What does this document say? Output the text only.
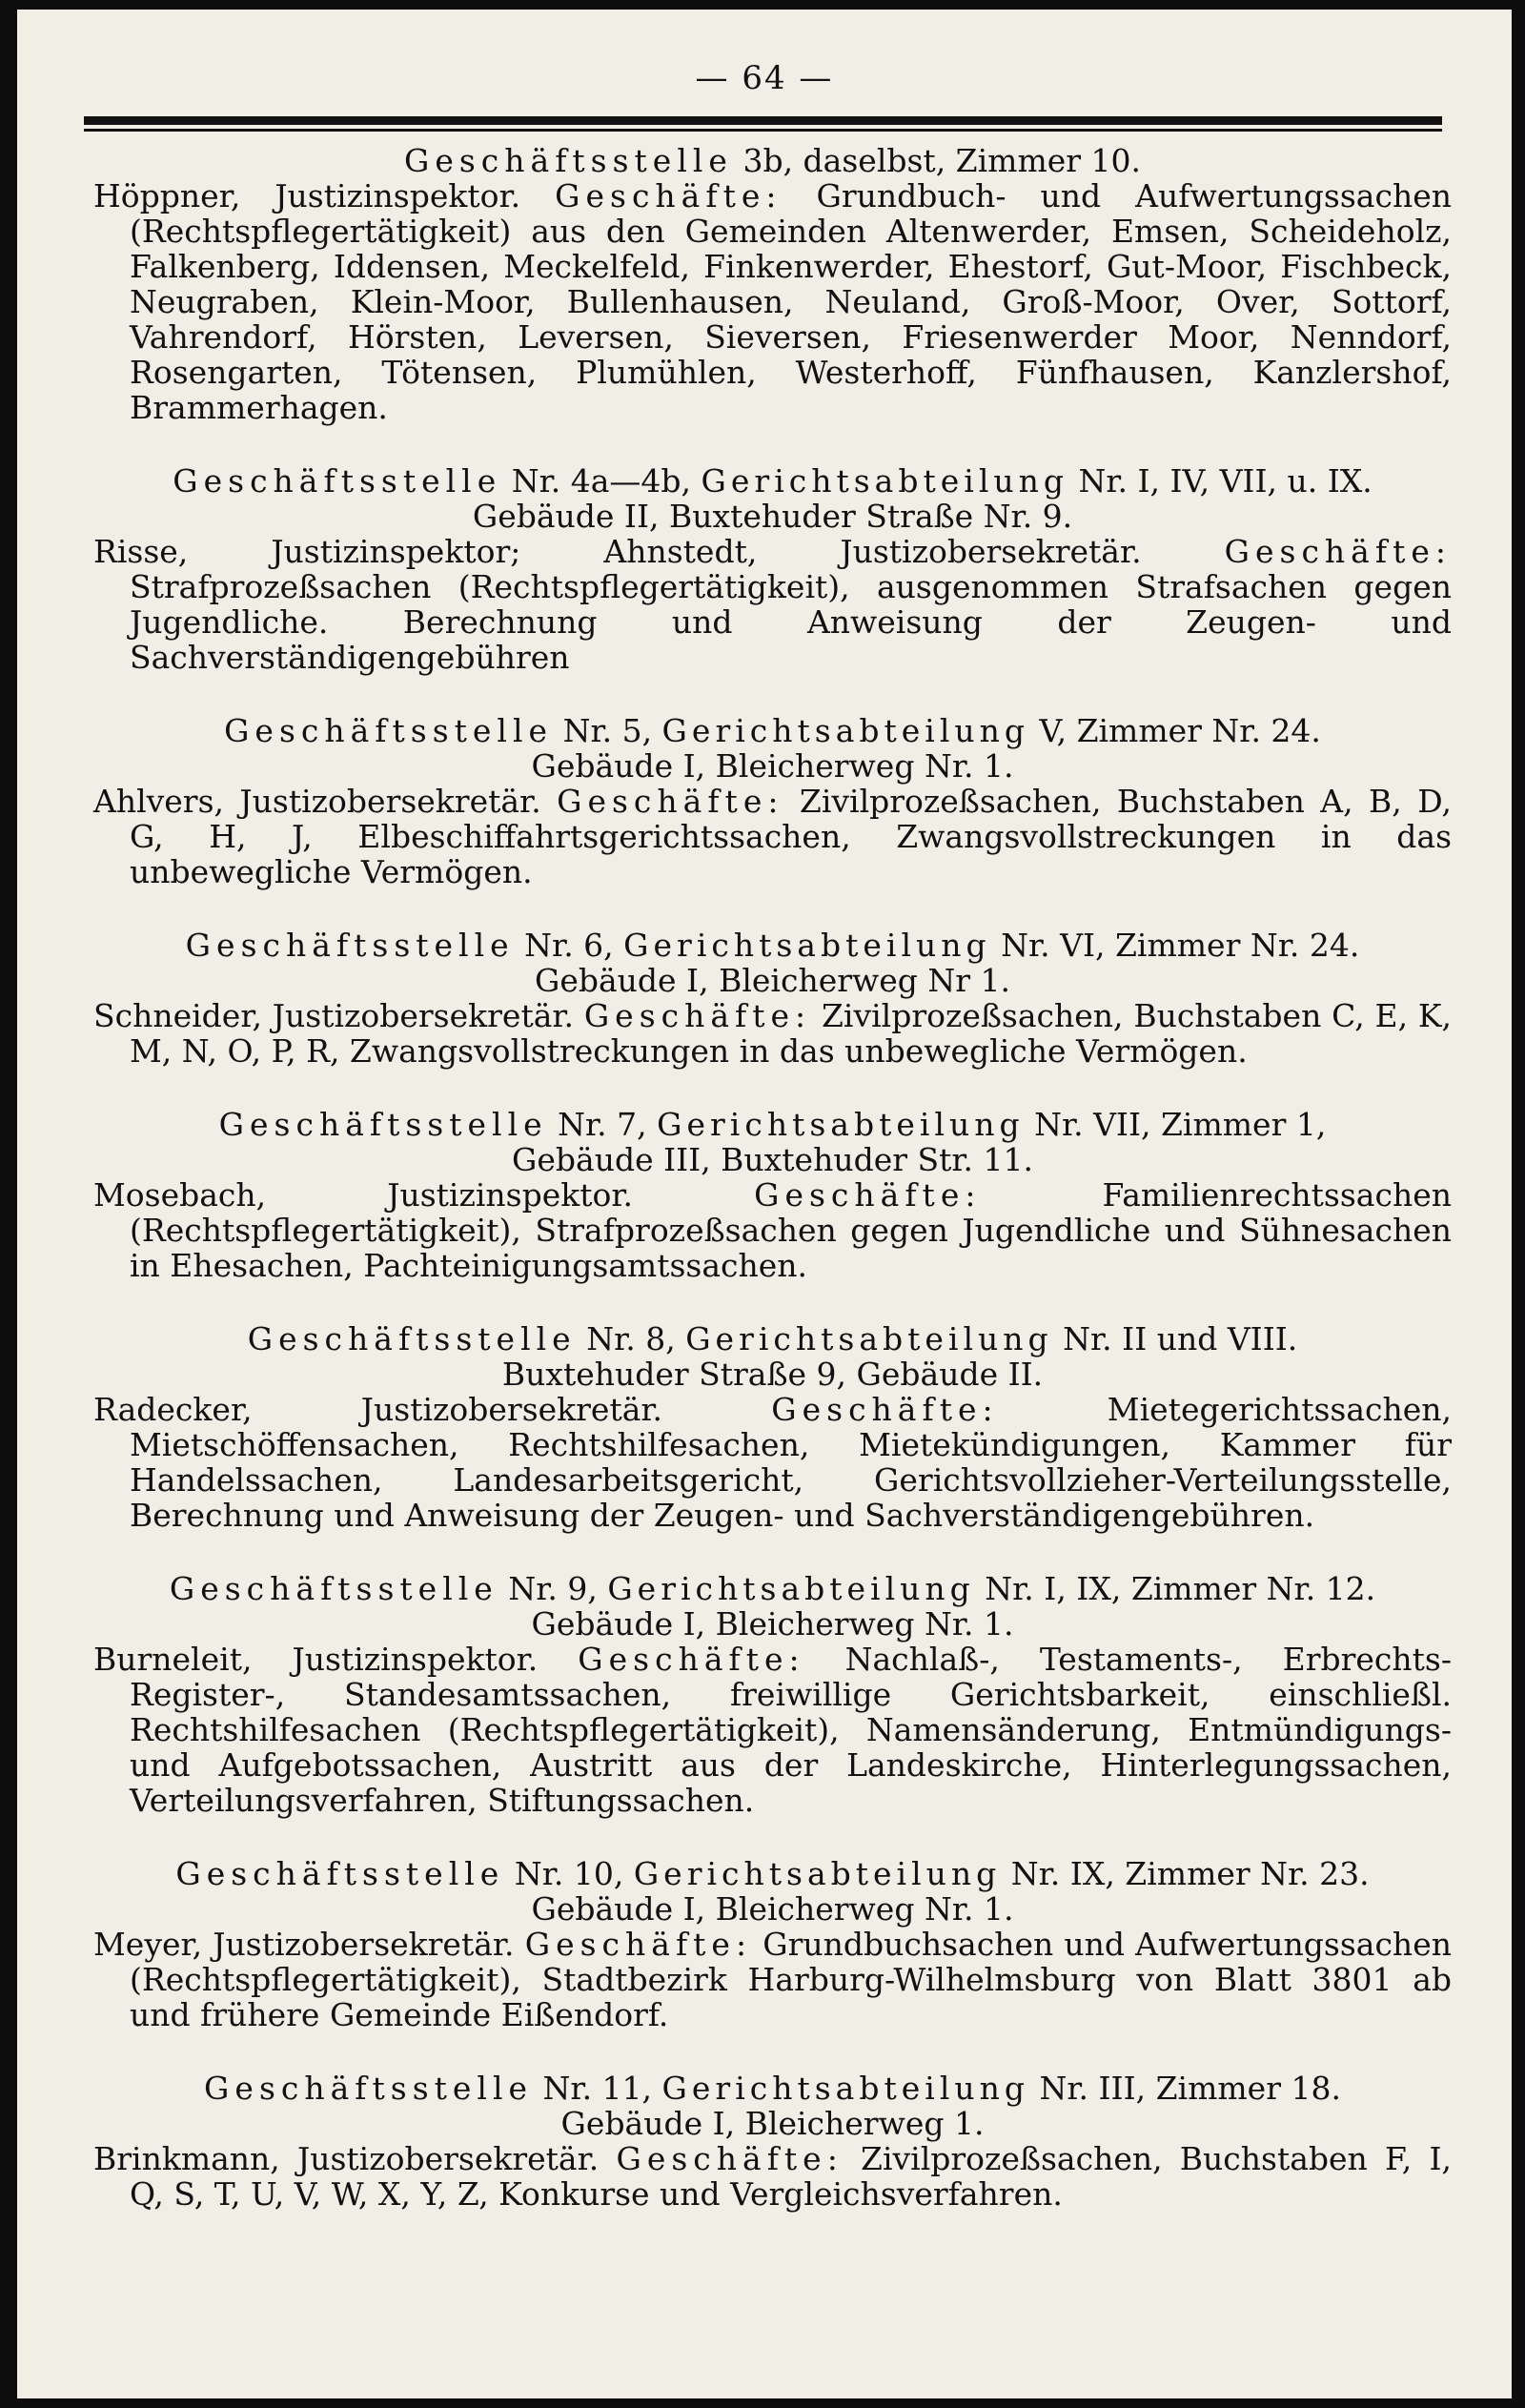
— 64 —
Geschäftsstelle 3b, daselbst, Zimmer 10.
Höppner, Justizinspektor. Geschäfte: Grundbuch- und Aufwertungssachen (Rechtspflegertätigkeit) aus den Gemeinden Altenwerder, Emsen, Scheideholz, Falkenberg, Iddensen, Meckelfeld, Finkenwerder, Ehestorf, Gut-Moor, Fischbeck, Neugraben, Klein-Moor, Bullenhausen, Neuland, Groß-Moor, Over, Sottorf, Vahrendorf, Hörsten, Leversen, Sieversen, Friesenwerder Moor, Nenndorf, Rosengarten, Tötensen, Plumühlen, Westerhoff, Fünfhausen, Kanzlershof, Brammerhagen.
Geschäftsstelle Nr. 4a—4b, Gerichtsabteilung Nr. I, IV, VII, u. IX.
Gebäude II, Buxtehuder Straße Nr. 9.
Risse, Justizinspektor; Ahnstedt, Justizobersekretär.	Geschäfte: Strafprozeßsachen (Rechtspflegertätigkeit), ausgenommen Strafsachen gegen Jugendliche. Berechnung und Anweisung der Zeugen- und Sachverständigengebühren
Geschäftsstelle Nr. 5, Gerichtsabteilung V, Zimmer Nr. 24.
Gebäude I, Bleicherweg Nr. 1.
Ahlvers, Justizobersekretär. Geschäfte: Zivilprozeßsachen, Buchstaben A, B, D, G, H, J, Elbeschiffahrtsgerichtssachen, Zwangsvollstreckungen in das unbewegliche Vermögen.
Geschäftsstelle Nr. 6, Gerichtsabteilung Nr. VI, Zimmer Nr. 24.
Gebäude I, Bleicherweg Nr 1.
Schneider, Justizobersekretär. Geschäfte: Zivilprozeßsachen, Buchstaben C, E, K, M, N, O, P, R, Zwangsvollstreckungen in das unbewegliche Vermögen.
Geschäftsstelle Nr. 7, Gerichtsabteilung Nr. VII, Zimmer 1,
Gebäude III, Buxtehuder Str. 11.
Mosebach, Justizinspektor.	Geschäfte: Familienrechtssachen (Rechtspflegertätigkeit), Strafprozeßsachen gegen Jugendliche und Sühnesachen in Ehesachen, Pachteinigungsamtssachen.
Geschäftsstelle Nr. 8, Gerichtsabteilung Nr. II und VIII.
Buxtehuder Straße 9, Gebäude II.
Radecker, Justizobersekretär.	Geschäfte: Mietegerichtssachen, Mietschöffensachen, Rechtshilfesachen, Mietekündigungen, Kammer für Handelssachen, Landesarbeitsgericht, Gerichtsvollzieher-Verteilungsstelle, Berechnung und Anweisung der Zeugen- und Sachverständigengebühren.
Geschäftsstelle Nr. 9, Gerichtsabteilung Nr. I, IX, Zimmer Nr. 12.
Gebäude I, Bleicherweg Nr. 1.
Burneleit, Justizinspektor. Geschäfte: Nachlaß-, Testaments-, Erbrechts-Register-, Standesamtssachen, freiwillige Gerichtsbarkeit, einschließl. Rechtshilfesachen (Rechtspflegertätigkeit), Namensänderung, Entmündigungs- und Aufgebotssachen, Austritt aus der Landeskirche, Hinterlegungssachen, Verteilungsverfahren, Stiftungssachen.
Geschäftsstelle Nr. 10, Gerichtsabteilung Nr. IX, Zimmer Nr. 23.
Gebäude I, Bleicherweg Nr. 1.
Meyer, Justizobersekretär. Geschäfte: Grundbuchsachen und Aufwertungssachen (Rechtspflegertätigkeit), Stadtbezirk Harburg-Wilhelmsburg von Blatt 3801 ab und frühere Gemeinde Eißendorf.
Geschäftsstelle Nr. 11, Gerichtsabteilung Nr. III, Zimmer 18.
Gebäude I, Bleicherweg 1.
Brinkmann, Justizobersekretär. Geschäfte: Zivilprozeßsachen, Buchstaben F, I, Q, S, T, U, V, W, X, Y, Z, Konkurse und Vergleichsverfahren.
